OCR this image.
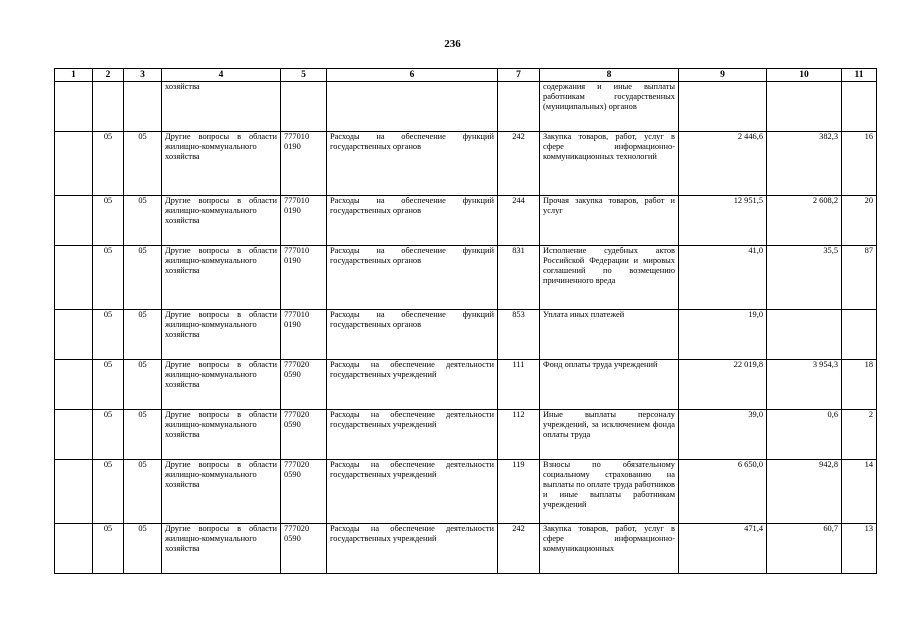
236
1	2	3	4	5	6	7	8	9	10	11
			хозяйства				содержания и иные выплаты работникам государственных (муниципальных) органов			
	05	05	Другие вопросы в области жилищно-коммунального хозяйства	777010 0190	Расходы на обеспечение функций государственных органов	242	Закупка товаров, работ, услуг в сфере информационно-коммуникационных технологий	2 446,6	382,3	16
	05	05	Другие вопросы в области жилищно-коммунального хозяйства	777010 0190	Расходы на обеспечение функций государственных органов	244	Прочая закупка товаров, работ и услуг	12 951,5	2 608,2	20
	05	05	Другие вопросы в области жилищно-коммунального хозяйства	777010 0190	Расходы на обеспечение функций государственных органов	831	Исполнение судебных актов Российской Федерации и мировых соглашений по возмещению причиненного вреда	41,0	35,5	87
	05	05	Другие вопросы в области жилищно-коммунального хозяйства	777010 0190	Расходы на обеспечение функций государственных органов	853	Уплата иных платежей	19,0		
	05	05	Другие вопросы в области жилищно-коммунального хозяйства	777020 0590	Расходы на обеспечение деятельности государственных учреждений	111	Фонд оплаты труда учреждений	22 019,8	3 954,3	18
	05	05	Другие вопросы в области жилищно-коммунального хозяйства	777020 0590	Расходы на обеспечение деятельности государственных учреждений	112	Иные выплаты персоналу учреждений, за исключением фонда оплаты труда	39,0	0,6	2
	05	05	Другие вопросы в области жилищно-коммунального хозяйства	777020 0590	Расходы на обеспечение деятельности государственных учреждений	119	Взносы по обязательному социальному страхованию на выплаты по оплате труда работников и иные выплаты работникам учреждений	6 650,0	942,8	14
	05	05	Другие вопросы в области жилищно-коммунального хозяйства	777020 0590	Расходы на обеспечение деятельности государственных учреждений	242	Закупка товаров, работ, услуг в сфере информационно-коммуникационных	471,4	60,7	13
